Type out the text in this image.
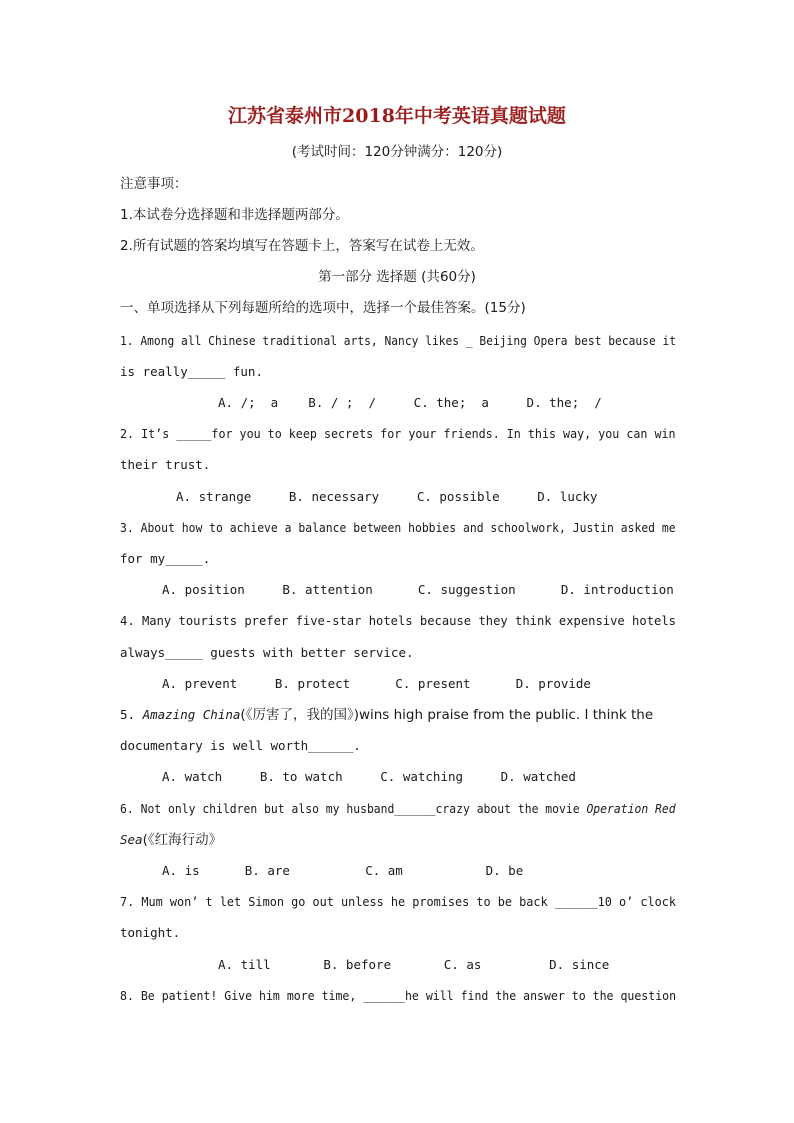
江苏省泰州市2018年中考英语真题试题
(考试时间：120分钟满分：120分)
注意事项：
1.本试卷分选择题和非选择题两部分。
2.所有试题的答案均填写在答题卡上，答案写在试卷上无效。
第一部分 选择题 (共60分)
一、单项选择从下列每题所给的选项中，选择一个最佳答案。(15分)
1. Among all Chinese traditional arts, Nancy likes _ Beijing Opera best because it
is really_____ fun.
A. /;  a    B. / ;  /     C. the;  a     D. the;  /
2. It’s _____for you to keep secrets for your friends. In this way, you can win
their trust.
A. strange     B. necessary     C. possible     D. lucky
3. About how to achieve a balance between hobbies and schoolwork, Justin asked me
for my_____.
A. position     B. attention      C. suggestion      D. introduction
4. Many tourists prefer five-star hotels because they think expensive hotels
always_____ guests with better service.
A. prevent     B. protect      C. present      D. provide
5. Amazing China(《厉害了，我的国》)wins high praise from the public. I think the
documentary is well worth______.
A. watch     B. to watch     C. watching     D. watched
6. Not only children but also my husband______crazy about the movie Operation Red
Sea(《红海行动》
A. is      B. are          C. am           D. be
7. Mum won’ t let Simon go out unless he promises to be back ______10 o’ clock
tonight.
A. till       B. before       C. as         D. since
8. Be patient! Give him more time, ______he will find the answer to the question
